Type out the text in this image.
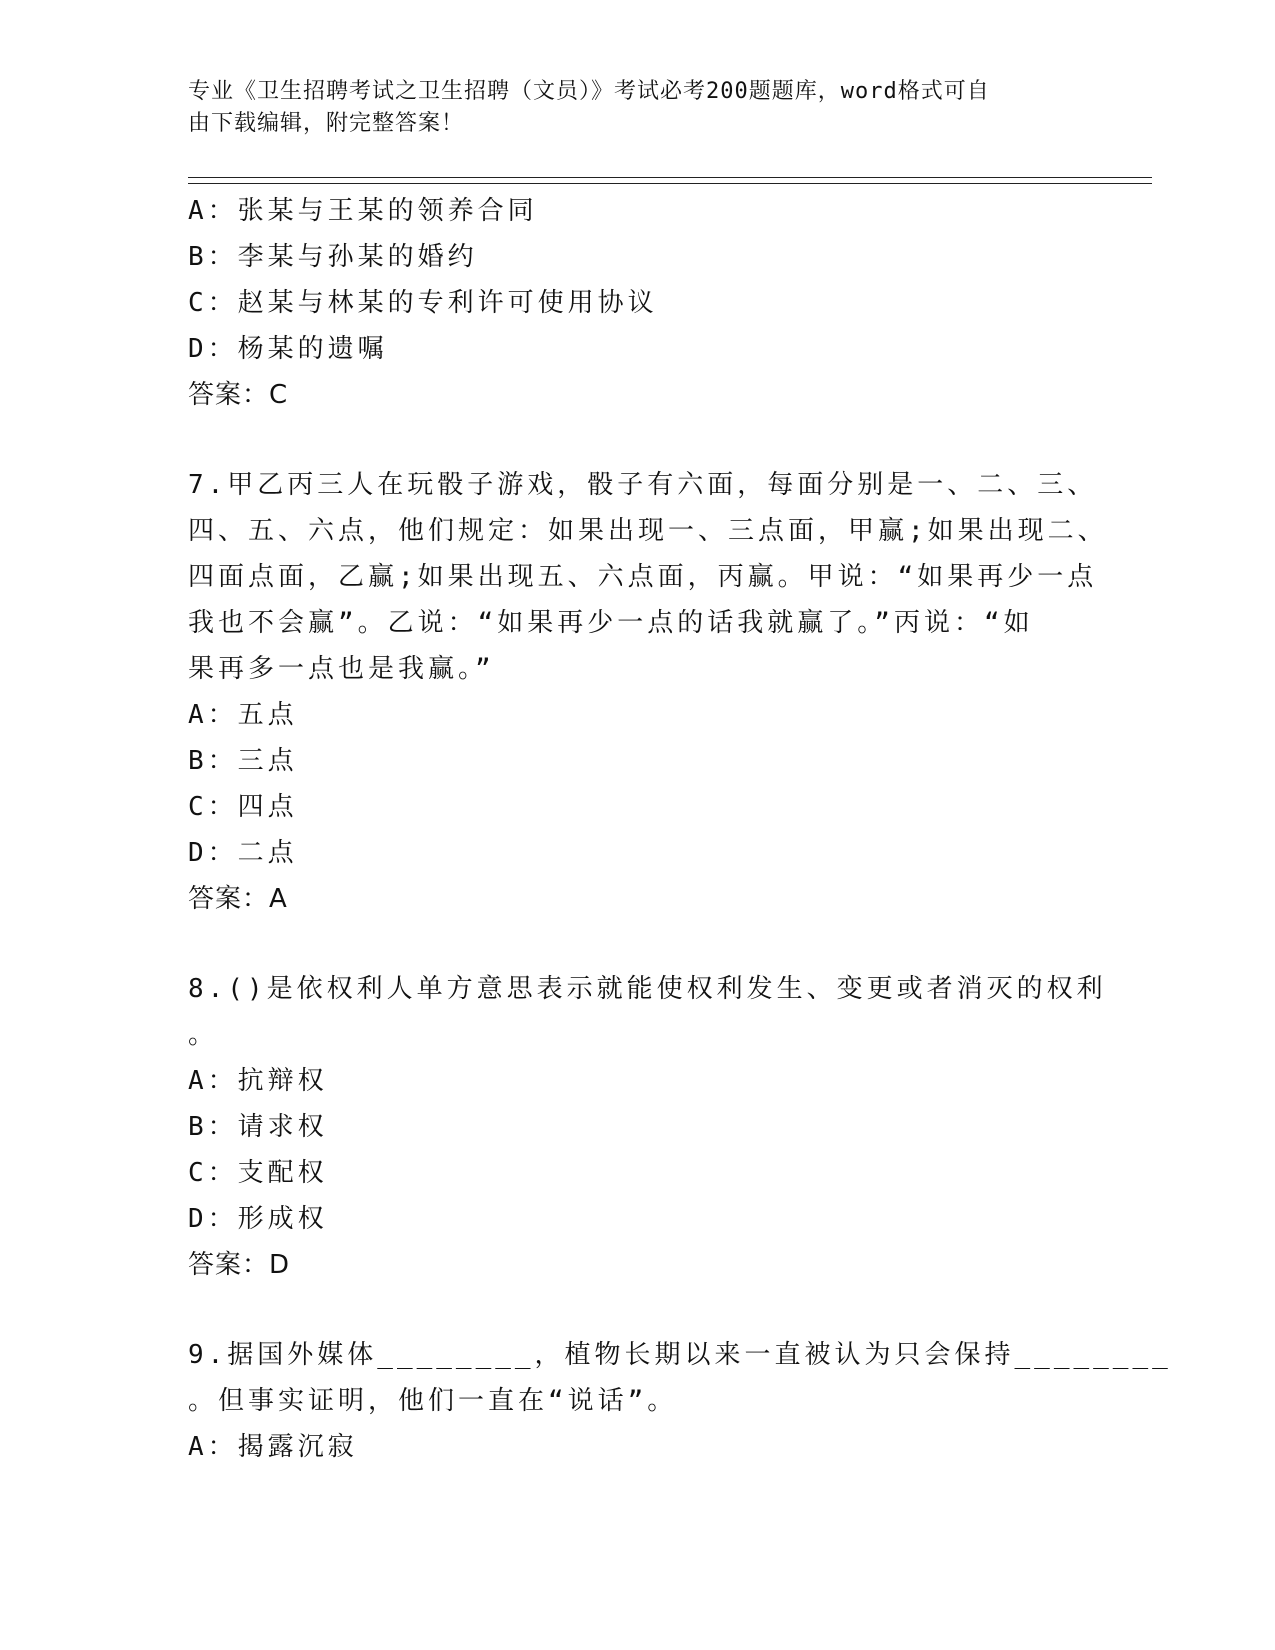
专业《卫生招聘考试之卫生招聘（文员）》考试必考200题题库，word格式可自
由下载编辑，附完整答案！
A：张某与王某的领养合同
B：李某与孙某的婚约
C：赵某与林某的专利许可使用协议
D：杨某的遗嘱
答案：C
7.甲乙丙三人在玩骰子游戏，骰子有六面，每面分别是一、二、三、
四、五、六点，他们规定：如果出现一、三点面，甲赢;如果出现二、
四面点面，乙赢;如果出现五、六点面，丙赢。甲说：“如果再少一点
我也不会赢”。乙说：“如果再少一点的话我就赢了。”丙说：“如
果再多一点也是我赢。”
A：五点
B：三点
C：四点
D：二点
答案：A
8.()是依权利人单方意思表示就能使权利发生、变更或者消灭的权利
。
A：抗辩权
B：请求权
C：支配权
D：形成权
答案：D
9.据国外媒体________，植物长期以来一直被认为只会保持________
。但事实证明，他们一直在“说话”。
A：揭露沉寂
